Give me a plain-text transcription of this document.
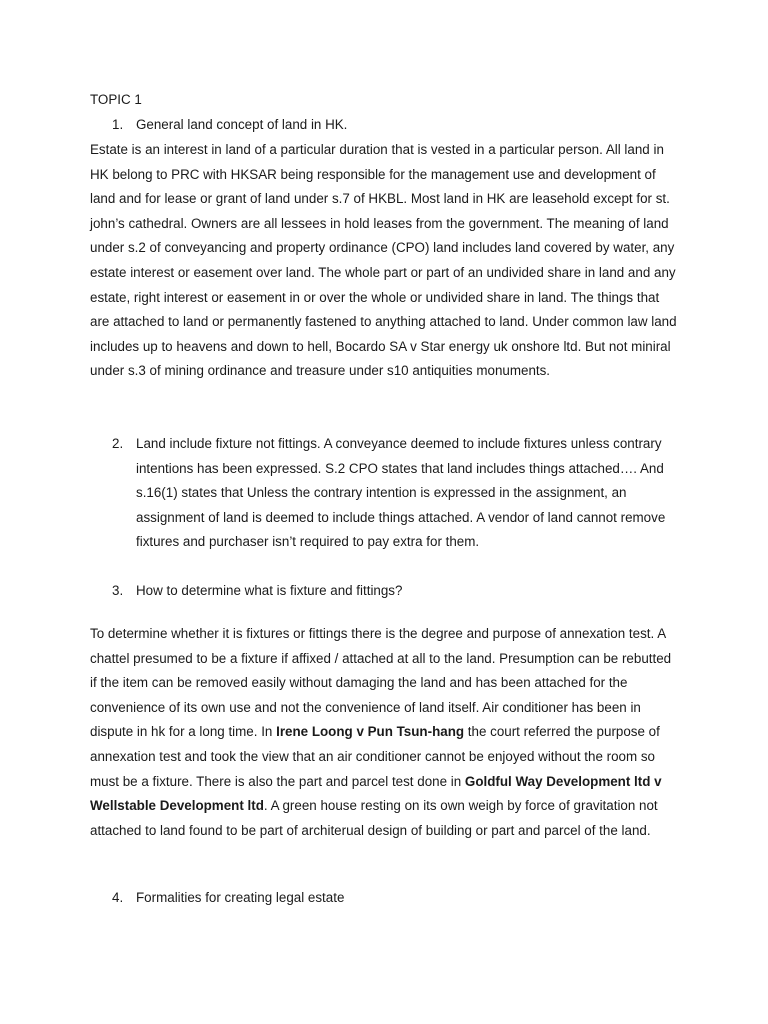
TOPIC 1

1. General land concept of land in HK.

Estate is an interest in land of a particular duration that is vested in a particular person. All land in HK belong to PRC with HKSAR being responsible for the management use and development of land and for lease or grant of land under s.7 of HKBL. Most land in HK are leasehold except for st. john’s cathedral. Owners are all lessees in hold leases from the government. The meaning of land under s.2 of conveyancing and property ordinance (CPO) land includes land covered by water, any estate interest or easement over land. The whole part or part of an undivided share in land and any estate, right interest or easement in or over the whole or undivided share in land. The things that are attached to land or permanently fastened to anything attached to land. Under common law land includes up to heavens and down to hell, Bocardo SA v Star energy uk onshore ltd. But not miniral under s.3 of mining ordinance and treasure under s10 antiquities monuments.

2. Land include fixture not fittings. A conveyance deemed to include fixtures unless contrary intentions has been expressed. S.2 CPO states that land includes things attached…. And s.16(1) states that Unless the contrary intention is expressed in the assignment, an assignment of land is deemed to include things attached. A vendor of land cannot remove fixtures and purchaser isn’t required to pay extra for them.

3. How to determine what is fixture and fittings?

To determine whether it is fixtures or fittings there is the degree and purpose of annexation test. A chattel presumed to be a fixture if affixed / attached at all to the land. Presumption can be rebutted if the item can be removed easily without damaging the land and has been attached for the convenience of its own use and not the convenience of land itself. Air conditioner has been in dispute in hk for a long time. In Irene Loong v Pun Tsun-hang the court referred the purpose of annexation test and took the view that an air conditioner cannot be enjoyed without the room so must be a fixture. There is also the part and parcel test done in Goldful Way Development ltd v Wellstable Development ltd. A green house resting on its own weigh by force of gravitation not attached to land found to be part of architerual design of building or part and parcel of the land.

4. Formalities for creating legal estate
